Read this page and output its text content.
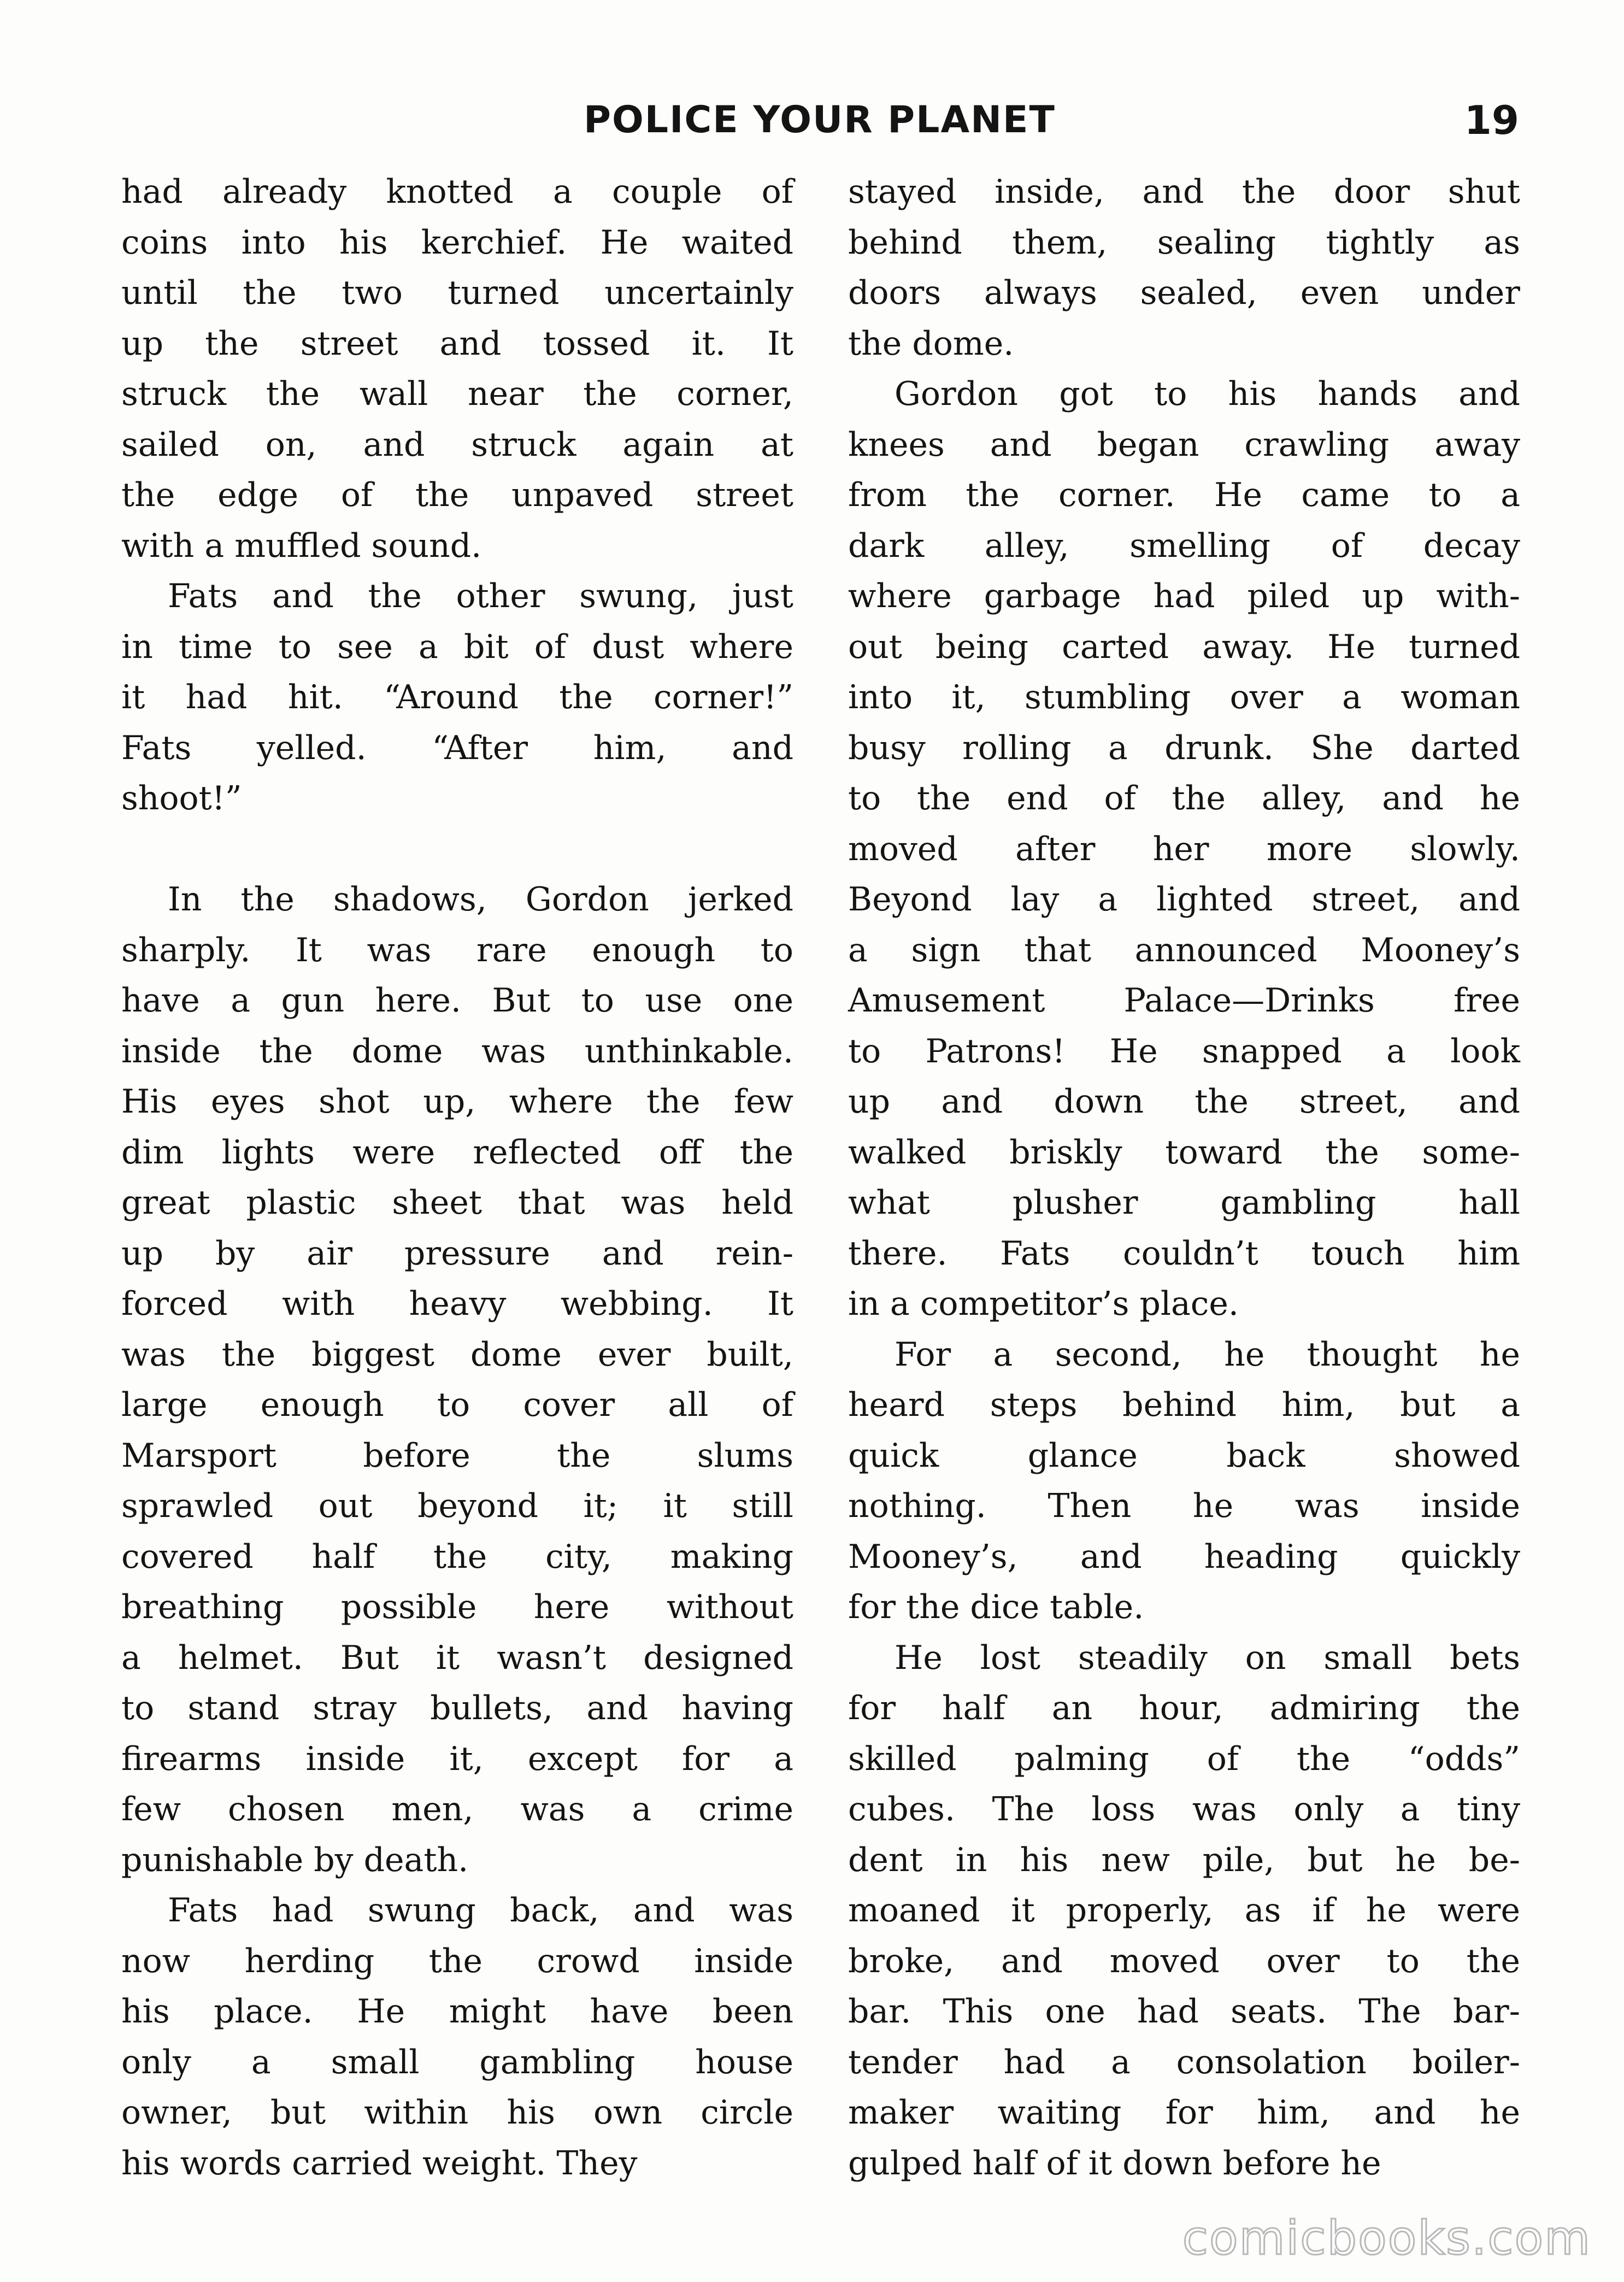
POLICE YOUR PLANET	19
had already knotted a couple of
coins into his kerchief. He waited
until the two turned uncertainly
up the street and tossed it. It
struck the wall near the corner,
sailed on, and struck again at
the edge of the unpaved street
with a muffled sound.
Fats and the other swung, just
in time to see a bit of dust where
it had hit. “Around the corner!”
Fats yelled. “After him, and
shoot!”
In the shadows, Gordon jerked
sharply. It was rare enough to
have a gun here. But to use one
inside the dome was unthinkable.
His eyes shot up, where the few
dim lights were reflected off the
great plastic sheet that was held
up by air pressure and rein-
forced with heavy webbing. It
was the biggest dome ever built,
large enough to cover all of
Marsport before the slums
sprawled out beyond it; it still
covered half the city, making
breathing possible here without
a helmet. But it wasn’t designed
to stand stray bullets, and having
firearms inside it, except for a
few chosen men, was a crime
punishable by death.
Fats had swung back, and was
now herding the crowd inside
his place. He might have been
only a small gambling house
owner, but within his own circle
his words carried weight. They
stayed inside, and the door shut
behind them, sealing tightly as
doors always sealed, even under
the dome.
Gordon got to his hands and
knees and began crawling away
from the corner. He came to a
dark alley, smelling of decay
where garbage had piled up with-
out being carted away. He turned
into it, stumbling over a woman
busy rolling a drunk. She darted
to the end of the alley, and he
moved after her more slowly.
Beyond lay a lighted street, and
a sign that announced Mooney’s
Amusement Palace—Drinks free
to Patrons! He snapped a look
up and down the street, and
walked briskly toward the some-
what plusher gambling hall
there. Fats couldn’t touch him
in a competitor’s place.
For a second, he thought he
heard steps behind him, but a
quick glance back showed
nothing. Then he was inside
Mooney’s, and heading quickly
for the dice table.
He lost steadily on small bets
for half an hour, admiring the
skilled palming of the “odds”
cubes. The loss was only a tiny
dent in his new pile, but he be-
moaned it properly, as if he were
broke, and moved over to the
bar. This one had seats. The bar-
tender had a consolation boiler-
maker waiting for him, and he
gulped half of it down before he
comicbooks.com
